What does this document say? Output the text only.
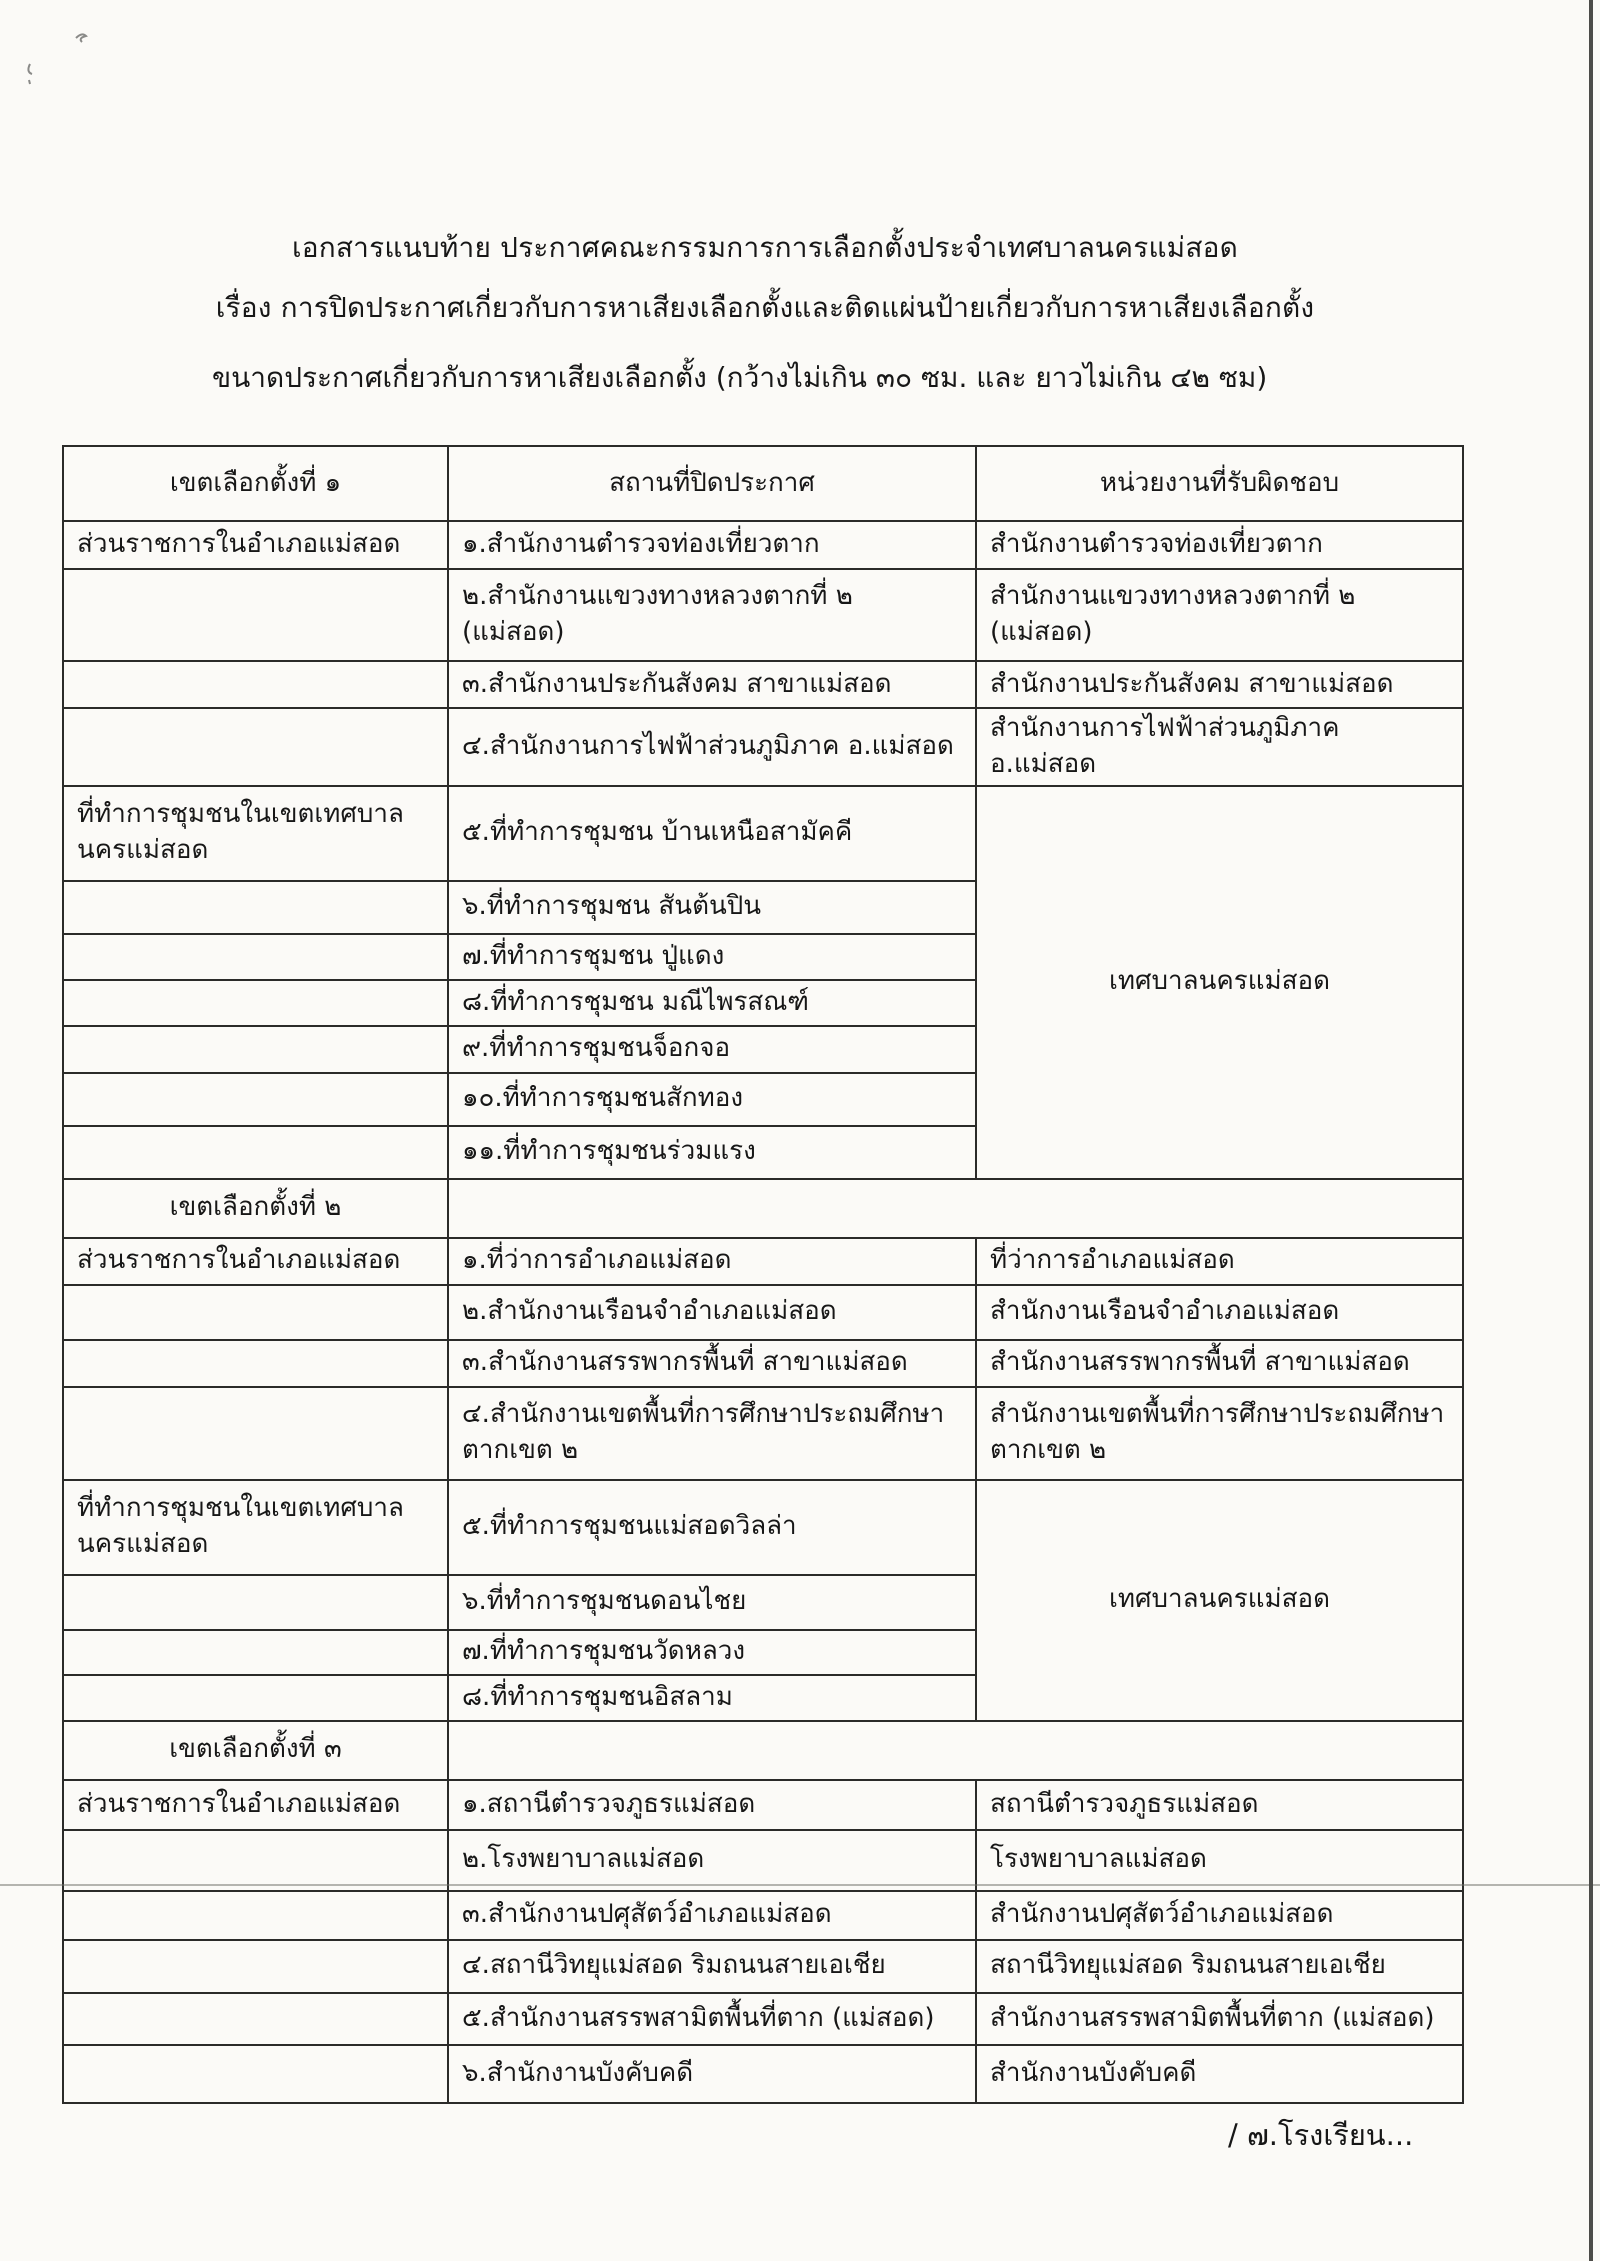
เอกสารแนบท้าย ประกาศคณะกรรมการการเลือกตั้งประจำเทศบาลนครแม่สอด
เรื่อง การปิดประกาศเกี่ยวกับการหาเสียงเลือกตั้งและติดแผ่นป้ายเกี่ยวกับการหาเสียงเลือกตั้ง
ขนาดประกาศเกี่ยวกับการหาเสียงเลือกตั้ง (กว้างไม่เกิน ๓๐ ซม. และ ยาวไม่เกิน ๔๒ ซม)
เขตเลือกตั้งที่ ๑	สถานที่ปิดประกาศ	หน่วยงานที่รับผิดชอบ
ส่วนราชการในอำเภอแม่สอด	๑.สำนักงานตำรวจท่องเที่ยวตาก	สำนักงานตำรวจท่องเที่ยวตาก
	๒.สำนักงานแขวงทางหลวงตากที่ ๒ (แม่สอด)	สำนักงานแขวงทางหลวงตากที่ ๒ (แม่สอด)
	๓.สำนักงานประกันสังคม สาขาแม่สอด	สำนักงานประกันสังคม สาขาแม่สอด
	๔.สำนักงานการไฟฟ้าส่วนภูมิภาค อ.แม่สอด	สำนักงานการไฟฟ้าส่วนภูมิภาค อ.แม่สอด
ที่ทำการชุมชนในเขตเทศบาล​นครแม่สอด	๕.ที่ทำการชุมชน บ้านเหนือสามัคคี	เทศบาลนครแม่สอด
	๖.ที่ทำการชุมชน สันต้นปิน	
	๗.ที่ทำการชุมชน ปู่แดง	
	๘.ที่ทำการชุมชน มณีไพรสณฑ์	
	๙.ที่ทำการชุมชนจ็อกจอ	
	๑๐.ที่ทำการชุมชนสักทอง	
	๑๑.ที่ทำการชุมชนร่วมแรง	
เขตเลือกตั้งที่ ๒		
ส่วนราชการในอำเภอแม่สอด	๑.ที่ว่าการอำเภอแม่สอด	ที่ว่าการอำเภอแม่สอด
	๒.สำนักงานเรือนจำอำเภอแม่สอด	สำนักงานเรือนจำอำเภอแม่สอด
	๓.สำนักงานสรรพากรพื้นที่ สาขาแม่สอด	สำนักงานสรรพากรพื้นที่ สาขาแม่สอด
	๔.สำนักงานเขตพื้นที่การศึกษาประถมศึกษา​ตากเขต ๒	สำนักงานเขตพื้นที่การศึกษาประถมศึกษา​ตากเขต ๒
ที่ทำการชุมชนในเขตเทศบาล​นครแม่สอด	๕.ที่ทำการชุมชนแม่สอดวิลล่า	เทศบาลนครแม่สอด
	๖.ที่ทำการชุมชนดอนไชย	
	๗.ที่ทำการชุมชนวัดหลวง	
	๘.ที่ทำการชุมชนอิสลาม	
เขตเลือกตั้งที่ ๓		
ส่วนราชการในอำเภอแม่สอด	๑.สถานีตำรวจภูธรแม่สอด	สถานีตำรวจภูธรแม่สอด
	๒.โรงพยาบาลแม่สอด	โรงพยาบาลแม่สอด
	๓.สำนักงานปศุสัตว์อำเภอแม่สอด	สำนักงานปศุสัตว์อำเภอแม่สอด
	๔.สถานีวิทยุแม่สอด ริมถนนสายเอเชีย	สถานีวิทยุแม่สอด ริมถนนสายเอเชีย
	๕.สำนักงานสรรพสามิตพื้นที่ตาก (แม่สอด)	สำนักงานสรรพสามิตพื้นที่ตาก (แม่สอด)
	๖.สำนักงานบังคับคดี	สำนักงานบังคับคดี
/ ๗.โรงเรียน...
